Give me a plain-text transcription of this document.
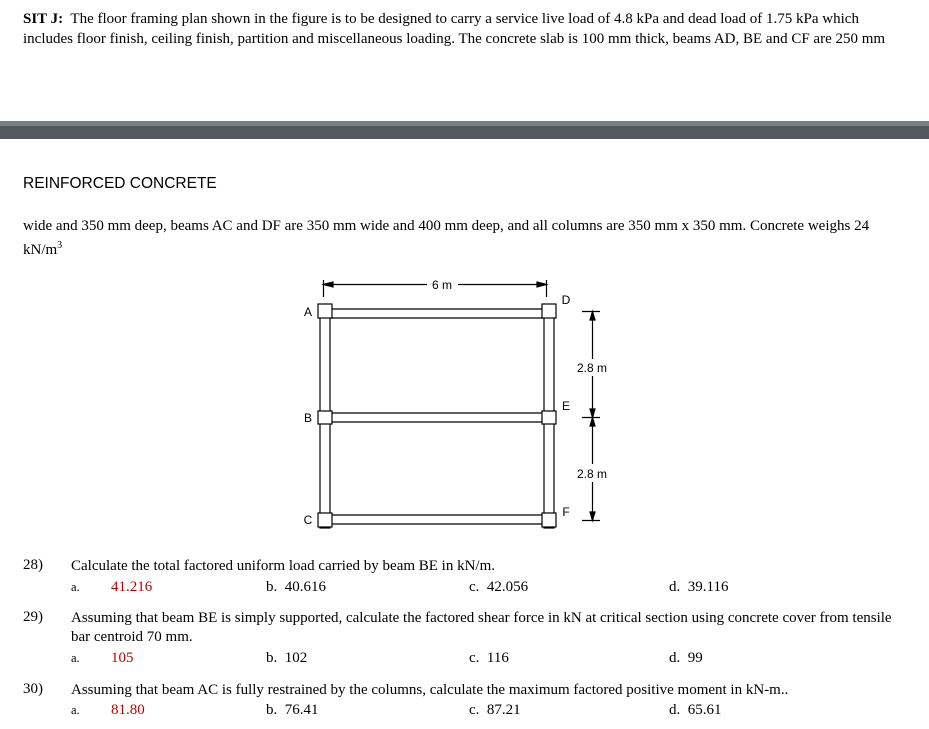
SIT J: The floor framing plan shown in the figure is to be designed to carry a service live load of 4.8 kPa and dead load of 1.75 kPa which
includes floor finish, ceiling finish, partition and miscellaneous loading. The concrete slab is 100 mm thick, beams AD, BE and CF are 250 mm
REINFORCED CONCRETE
wide and 350 mm deep, beams AC and DF are 350 mm wide and 400 mm deep, and all columns are 350 mm x 350 mm. Concrete weighs 24
$kN/m^3$
6 m
2.8 m
2.8 m
A
B
C
D
E
F
28) Calculate the total factored uniform load carried by beam BE in kN/m.
a. 41.216	b. 40.616	c. 42.056	d. 39.116
29) Assuming that beam BE is simply supported, calculate the factored shear force in kN at critical section using concrete cover from tensile
bar centroid 70 mm.
a. 105	b. 102	c. 116	d. 99
30) Assuming that beam AC is fully restrained by the columns, calculate the maximum factored positive moment in kN-m..
a. 81.80	b. 76.41	c. 87.21	d. 65.61
